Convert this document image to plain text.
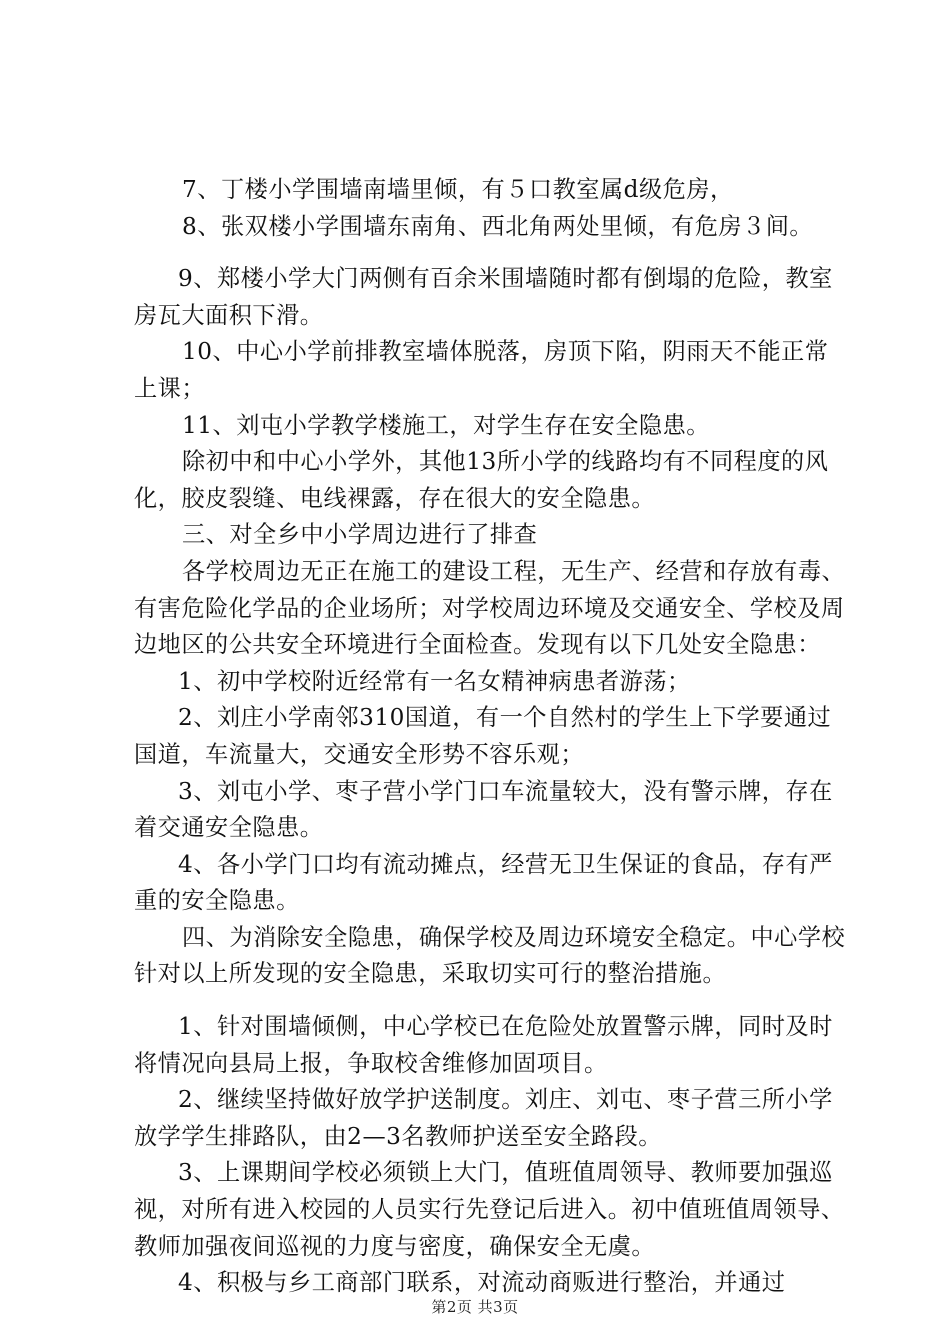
7、丁楼小学围墙南墙里倾，有５口教室属d级危房，

8、张双楼小学围墙东南角、西北角两处里倾，有危房３间。

9、郑楼小学大门两侧有百余米围墙随时都有倒塌的危险，教室房瓦大面积下滑。

10、中心小学前排教室墙体脱落，房顶下陷，阴雨天不能正常上课；

11、刘屯小学教学楼施工，对学生存在安全隐患。

除初中和中心小学外，其他13所小学的线路均有不同程度的风化，胶皮裂缝、电线裸露，存在很大的安全隐患。

三、对全乡中小学周边进行了排查

各学校周边无正在施工的建设工程，无生产、经营和存放有毒、有害危险化学品的企业场所；对学校周边环境及交通安全、学校及周边地区的公共安全环境进行全面检查。发现有以下几处安全隐患：

1、初中学校附近经常有一名女精神病患者游荡；

2、刘庄小学南邻310国道，有一个自然村的学生上下学要通过国道，车流量大，交通安全形势不容乐观；

3、刘屯小学、枣子营小学门口车流量较大，没有警示牌，存在着交通安全隐患。

4、各小学门口均有流动摊点，经营无卫生保证的食品，存有严重的安全隐患。

四、为消除安全隐患，确保学校及周边环境安全稳定。中心学校针对以上所发现的安全隐患，采取切实可行的整治措施。

1、针对围墙倾侧，中心学校已在危险处放置警示牌，同时及时将情况向县局上报，争取校舍维修加固项目。

2、继续坚持做好放学护送制度。刘庄、刘屯、枣子营三所小学放学学生排路队，由2—3名教师护送至安全路段。

3、上课期间学校必须锁上大门，值班值周领导、教师要加强巡视，对所有进入校园的人员实行先登记后进入。初中值班值周领导、教师加强夜间巡视的力度与密度，确保安全无虞。

4、积极与乡工商部门联系，对流动商贩进行整治，并通过

第2页 共3页
